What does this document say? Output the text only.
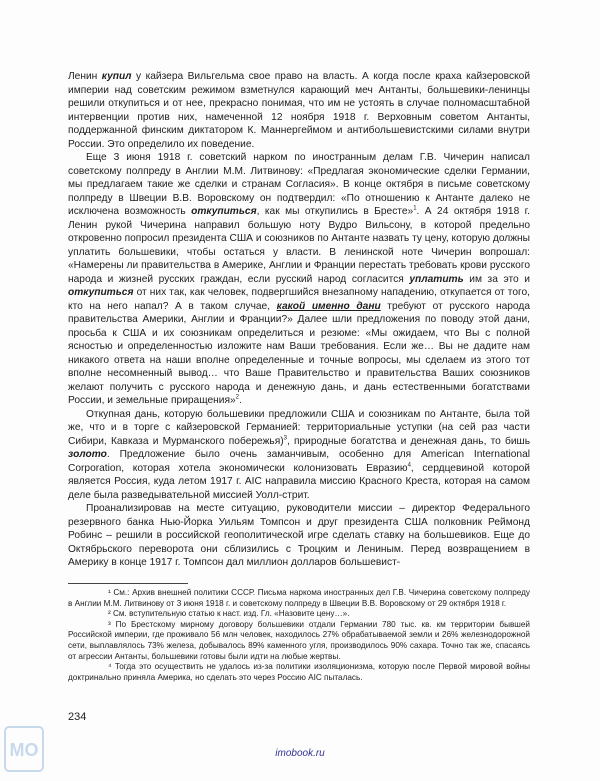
Ленин купил у кайзера Вильгельма свое право на власть. А когда после краха кайзеровской империи над советским режимом взметнулся карающий меч Антанты, большевики-ленинцы решили откупиться и от нее, прекрасно понимая, что им не устоять в случае полномасштабной интервенции против них, намеченной 12 ноября 1918 г. Верховным советом Антанты, поддержанной финским диктатором К. Маннергеймом и антибольшевистскими силами внутри России. Это определило их поведение.

Еще 3 июня 1918 г. советский нарком по иностранным делам Г.В. Чичерин написал советскому полпреду в Англии М.М. Литвинову: «Предлагая экономические сделки Германии, мы предлагаем такие же сделки и странам Согласия». В конце октября в письме советскому полпреду в Швеции В.В. Воровскому он подтвердил: «По отношению к Антанте далеко не исключена возможность откупиться, как мы откупились в Бресте»$^1$. А 24 октября 1918 г. Ленин рукой Чичерина направил большую ноту Вудро Вильсону, в которой предельно откровенно попросил президента США и союзников по Антанте назвать ту цену, которую должны уплатить большевики, чтобы остаться у власти. В ленинской ноте Чичерин вопрошал: «Намерены ли правительства в Америке, Англии и Франции перестать требовать крови русского народа и жизней русских граждан, если русский народ согласится уплатить им за это и откупиться от них так, как человек, подвергшийся внезапному нападению, откупается от того, кто на него напал? А в таком случае, какой именно дани требуют от русского народа правительства Америки, Англии и Франции?» Далее шли предложения по поводу этой дани, просьба к США и их союзникам определиться и резюме: «Мы ожидаем, что Вы с полной ясностью и определенностью изложите нам Ваши требования. Если же… Вы не дадите нам никакого ответа на наши вполне определенные и точные вопросы, мы сделаем из этого тот вполне несомненный вывод… что Ваше Правительство и правительства Ваших союзников желают получить с русского народа и денежную дань, и дань естественными богатствами России, и земельные приращения»$^2$.

Откупная дань, которую большевики предложили США и союзникам по Антанте, была той же, что и в торге с кайзеровской Германией: территориальные уступки (на сей раз части Сибири, Кавказа и Мурманского побережья)$^3$, природные богатства и денежная дань, то бишь золото. Предложение было очень заманчивым, особенно для American International Corporation, которая хотела экономически колонизовать Евразию$^4$, сердцевиной которой является Россия, куда летом 1917 г. AIC направила миссию Красного Креста, которая на самом деле была разведывательной миссией Уолл-стрит.

Проанализировав на месте ситуацию, руководители миссии – директор Федерального резервного банка Нью-Йорка Уильям Томпсон и друг президента США полковник Реймонд Робинс – решили в российской геополитической игре сделать ставку на большевиков. Еще до Октябрьского переворота они сблизились с Троцким и Лениным. Перед возвращением в Америку в конце 1917 г. Томпсон дал миллион долларов большевист-

¹ См.: Архив внешней политики СССР. Письма наркома иностранных дел Г.В. Чичерина советскому полпреду в Англии М.М. Литвинову от 3 июня 1918 г. и советскому полпреду в Швеции В.В. Воровскому от 29 октября 1918 г.

² См. вступительную статью к наст. изд. Гл. «Назовите цену…».

³ По Брестскому мирному договору большевики отдали Германии 780 тыс. кв. км территории бывшей Российской империи, где проживало 56 млн человек, находилось 27% обрабатываемой земли и 26% железнодорожной сети, выплавлялось 73% железа, добывалось 89% каменного угля, производилось 90% сахара. Точно так же, спасаясь от агрессии Антанты, большевики готовы были идти на любые жертвы.

⁴ Тогда это осуществить не удалось из-за политики изоляционизма, которую после Первой мировой войны доктринально приняла Америка, но сделать это через Россию AIC пыталась.

234
МО	imobook.ru
